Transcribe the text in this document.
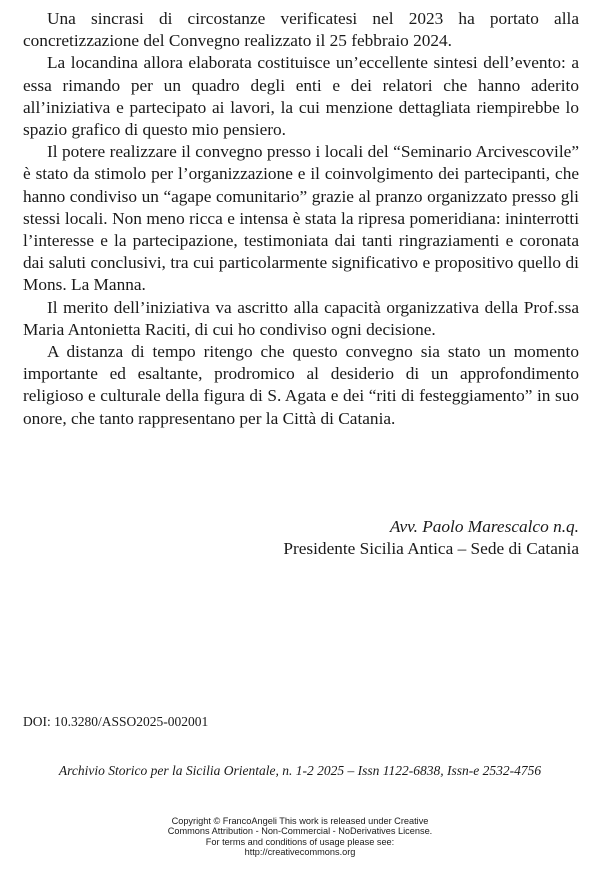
Una sincrasi di circostanze verificatesi nel 2023 ha portato alla concretizzazione del Convegno realizzato il 25 febbraio 2024.

La locandina allora elaborata costituisce un’eccellente sintesi dell’evento: a essa rimando per un quadro degli enti e dei relatori che hanno aderito all’iniziativa e partecipato ai lavori, la cui menzione dettagliata riempirebbe lo spazio grafico di questo mio pensiero.

Il potere realizzare il convegno presso i locali del “Seminario Arcivescovile” è stato da stimolo per l’organizzazione e il coinvolgimento dei partecipanti, che hanno condiviso un “agape comunitario” grazie al pranzo organizzato presso gli stessi locali. Non meno ricca e intensa è stata la ripresa pomeridiana: ininterrotti l’interesse e la partecipazione, testimoniata dai tanti ringraziamenti e coronata dai saluti conclusivi, tra cui particolarmente significativo e propositivo quello di Mons. La Manna.

Il merito dell’iniziativa va ascritto alla capacità organizzativa della Prof.ssa Maria Antonietta Raciti, di cui ho condiviso ogni decisione.

A distanza di tempo ritengo che questo convegno sia stato un momento importante ed esaltante, prodromico al desiderio di un approfondimento religioso e culturale della figura di S. Agata e dei “riti di festeggiamento” in suo onore, che tanto rappresentano per la Città di Catania.

Avv. Paolo Marescalco n.q.
Presidente Sicilia Antica – Sede di Catania
DOI: 10.3280/ASSO2025-002001
Archivio Storico per la Sicilia Orientale, n. 1-2 2025 – Issn 1122-6838, Issn-e 2532-4756
Copyright © FrancoAngeli This work is released under Creative
Commons Attribution - Non-Commercial - NoDerivatives License.
For terms and conditions of usage please see:
http://creativecommons.org
